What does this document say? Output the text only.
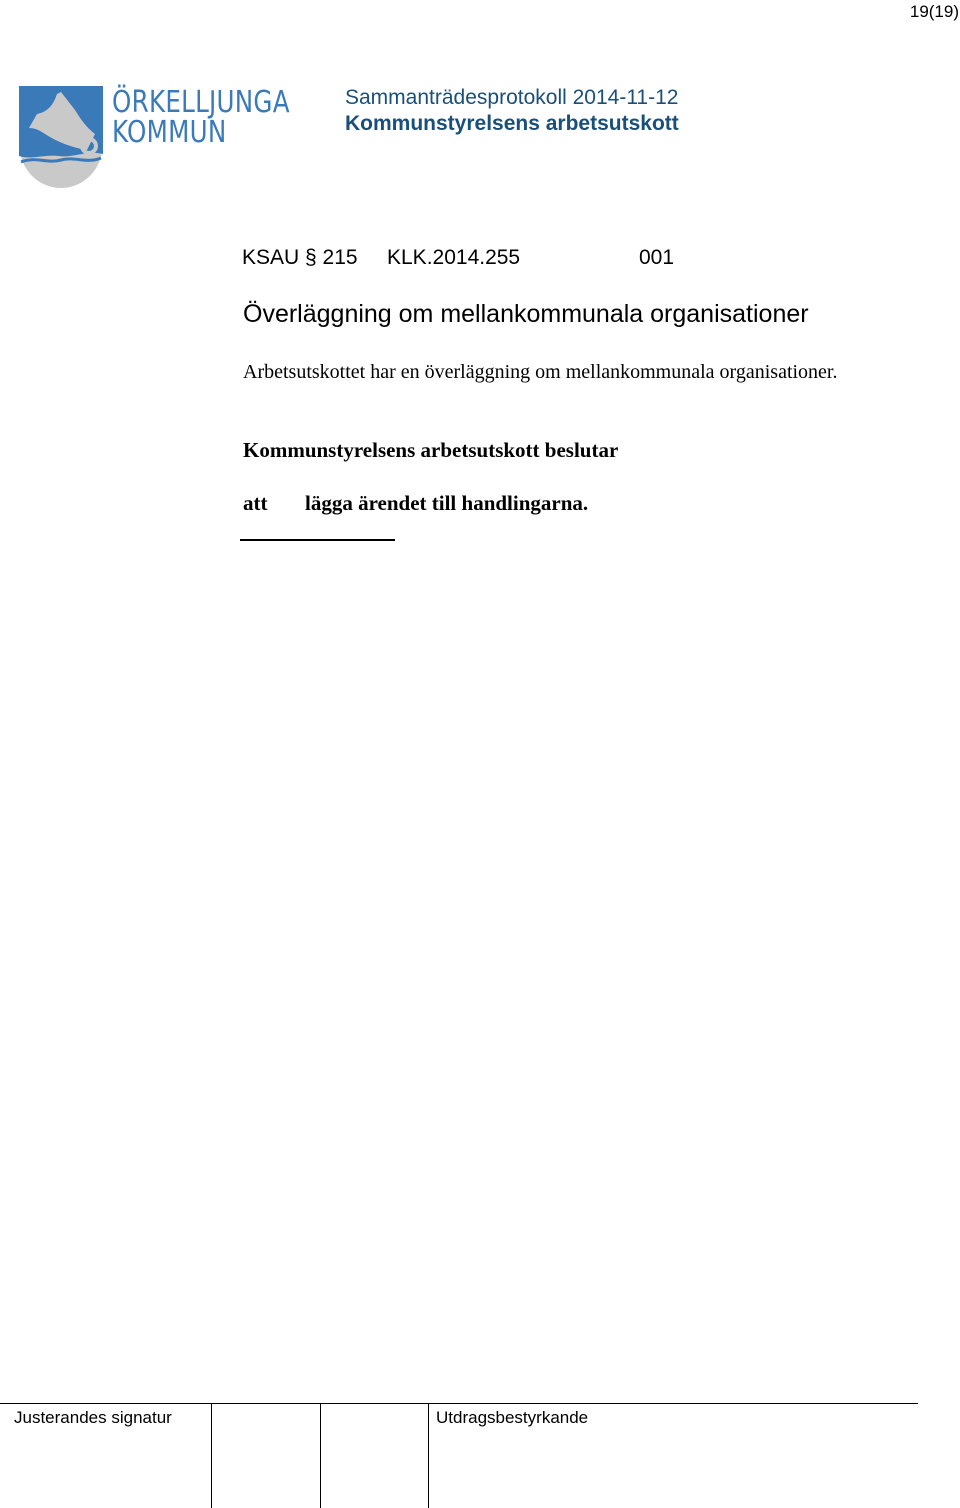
19(19)
ÖRKELLJUNGA
KOMMUN
Sammanträdesprotokoll 2014-11-12
Kommunstyrelsens arbetsutskott
KSAU § 215 KLK.2014.255	001
Överläggning om mellankommunala organisationer
Arbetsutskottet har en överläggning om mellankommunala organisationer.
Kommunstyrelsens arbetsutskott beslutar
att lägga ärendet till handlingarna.
Justerandes signatur	Utdragsbestyrkande
